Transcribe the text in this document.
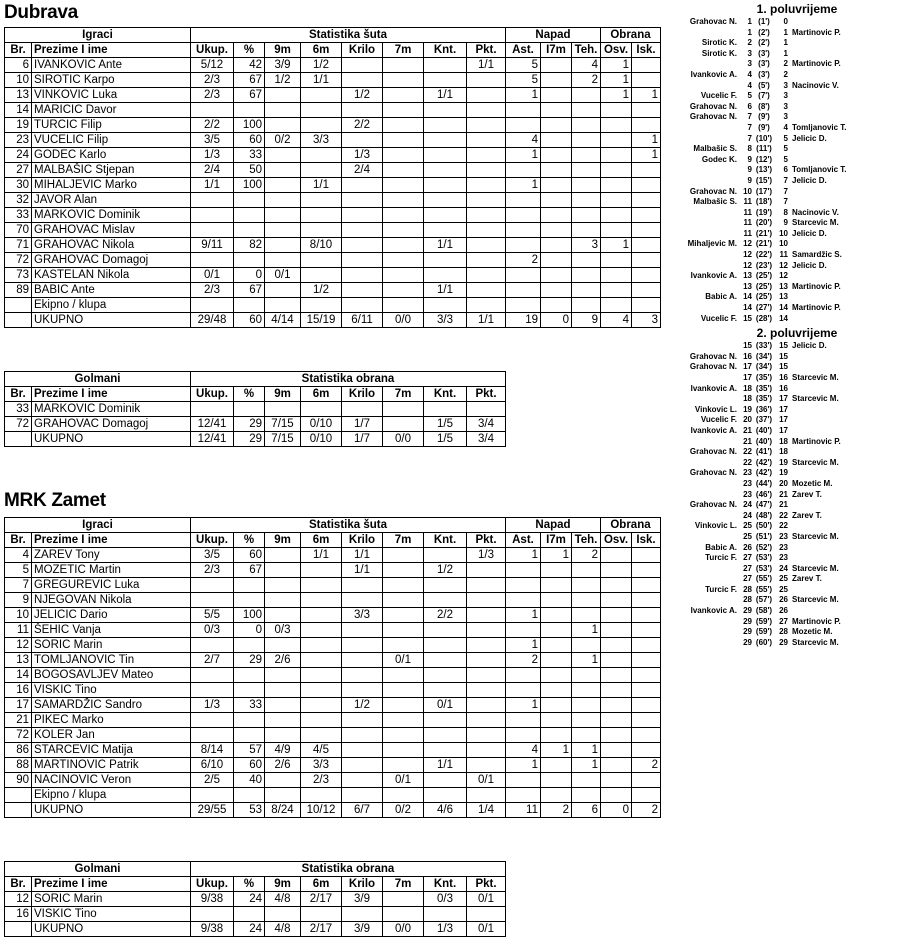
Dubrava
Igraci		Statistika šuta								Napad			Obrana	
Br.	Prezime I ime	Ukup.	%	9m	6m	Krilo	7m	Knt.	Pkt.	Ast.	I7m	Teh.	Osv.	Isk.
6	IVANKOVIC Ante	5/12	42	3/9	1/2				1/1	5		4	1	
10	SIROTIC Karpo	2/3	67	1/2	1/1					5		2	1	
13	VINKOVIC Luka	2/3	67			1/2		1/1		1			1	1
14	MARICIC Davor													
19	TURCIC Filip	2/2	100			2/2								
23	VUCELIC Filip	3/5	60	0/2	3/3					4				1
24	GODEC Karlo	1/3	33			1/3				1				1
27	MALBAŠIC Stjepan	2/4	50			2/4								
30	MIHALJEVIC Marko	1/1	100		1/1					1				
32	JAVOR Alan													
33	MARKOVIC Dominik													
70	GRAHOVAC Mislav													
71	GRAHOVAC Nikola	9/11	82		8/10			1/1				3	1	
72	GRAHOVAC Domagoj									2				
73	KASTELAN Nikola	0/1	0	0/1										
89	BABIC Ante	2/3	67		1/2			1/1						
	Ekipno / klupa													
	UKUPNO	29/48	60	4/14	15/19	6/11	0/0	3/3	1/1	19	0	9	4	3
Golmani		Statistika obrana							
Br.	Prezime I ime	Ukup.	%	9m	6m	Krilo	7m	Knt.	Pkt.
33	MARKOVIC Dominik								
72	GRAHOVAC Domagoj	12/41	29	7/15	0/10	1/7		1/5	3/4
	UKUPNO	12/41	29	7/15	0/10	1/7	0/0	1/5	3/4
MRK Zamet
Igraci		Statistika šuta								Napad			Obrana	
Br.	Prezime I ime	Ukup.	%	9m	6m	Krilo	7m	Knt.	Pkt.	Ast.	I7m	Teh.	Osv.	Isk.
4	ZAREV Tony	3/5	60		1/1	1/1			1/3	1	1	2		
5	MOZETIC Martin	2/3	67			1/1		1/2						
7	GREGUREVIC Luka													
9	NJEGOVAN Nikola													
10	JELICIC Dario	5/5	100			3/3		2/2		1				
11	ŠEHIC Vanja	0/3	0	0/3								1		
12	SORIC Marin									1				
13	TOMLJANOVIC Tin	2/7	29	2/6			0/1			2		1		
14	BOGOSAVLJEV Mateo													
16	VISKIC Tino													
17	SAMARDŽIC Sandro	1/3	33			1/2		0/1		1				
21	PIKEC Marko													
72	KOLER Jan													
86	STARCEVIC Matija	8/14	57	4/9	4/5					4	1	1		
88	MARTINOVIC Patrik	6/10	60	2/6	3/3			1/1		1		1		2
90	NACINOVIC Veron	2/5	40		2/3		0/1		0/1					
	Ekipno / klupa													
	UKUPNO	29/55	53	8/24	10/12	6/7	0/2	4/6	1/4	11	2	6	0	2
Golmani		Statistika obrana							
Br.	Prezime I ime	Ukup.	%	9m	6m	Krilo	7m	Knt.	Pkt.
12	SORIC Marin	9/38	24	4/8	2/17	3/9		0/3	0/1
16	VISKIC Tino								
	UKUPNO	9/38	24	4/8	2/17	3/9	0/0	1/3	0/1
1. poluvrijeme
Grahovac N.	1 (1')	0
1 (2')	1 Martinovic P.
Sirotic K.	2 (2')	1
Sirotic K.	3 (3')	1
3 (3')	2 Martinovic P.
Ivankovic A.	4 (3')	2
4 (5')	3 Nacinovic V.
Vucelic F.	5 (7')	3
Grahovac N.	6 (8')	3
Grahovac N.	7 (9')	3
7 (9')	4 Tomljanovic T.
7 (10')	5 Jelicic D.
Malbašic S.	8 (11')	5
Godec K.	9 (12')	5
9 (13')	6 Tomljanovic T.
9 (15')	7 Jelicic D.
Grahovac N. 10 (17')	7
Malbašic S. 11 (18')	7
11 (19')	8 Nacinovic V.
11 (20')	9 Starcevic M.
11 (21') 10 Jelicic D.
Mihaljevic M. 12 (21') 10
12 (22') 11 Samardžic S.
12 (23') 12 Jelicic D.
Ivankovic A. 13 (25') 12
13 (25') 13 Martinovic P.
Babic A. 14 (25') 13
14 (27') 14 Martinovic P.
Vucelic F. 15 (28') 14
2. poluvrijeme
15 (33') 15 Jelicic D.
Grahovac N. 16 (34') 15
Grahovac N. 17 (34') 15
17 (35') 16 Starcevic M.
Ivankovic A. 18 (35') 16
18 (35') 17 Starcevic M.
Vinkovic L. 19 (36') 17
Vucelic F. 20 (37') 17
Ivankovic A. 21 (40') 17
21 (40') 18 Martinovic P.
Grahovac N. 22 (41') 18
22 (42') 19 Starcevic M.
Grahovac N. 23 (42') 19
23 (44') 20 Mozetic M.
23 (46') 21 Zarev T.
Grahovac N. 24 (47') 21
24 (48') 22 Zarev T.
Vinkovic L. 25 (50') 22
25 (51') 23 Starcevic M.
Babic A. 26 (52') 23
Turcic F. 27 (53') 23
27 (53') 24 Starcevic M.
27 (55') 25 Zarev T.
Turcic F. 28 (55') 25
28 (57') 26 Starcevic M.
Ivankovic A. 29 (58') 26
29 (59') 27 Martinovic P.
29 (59') 28 Mozetic M.
29 (60') 29 Starcevic M.
